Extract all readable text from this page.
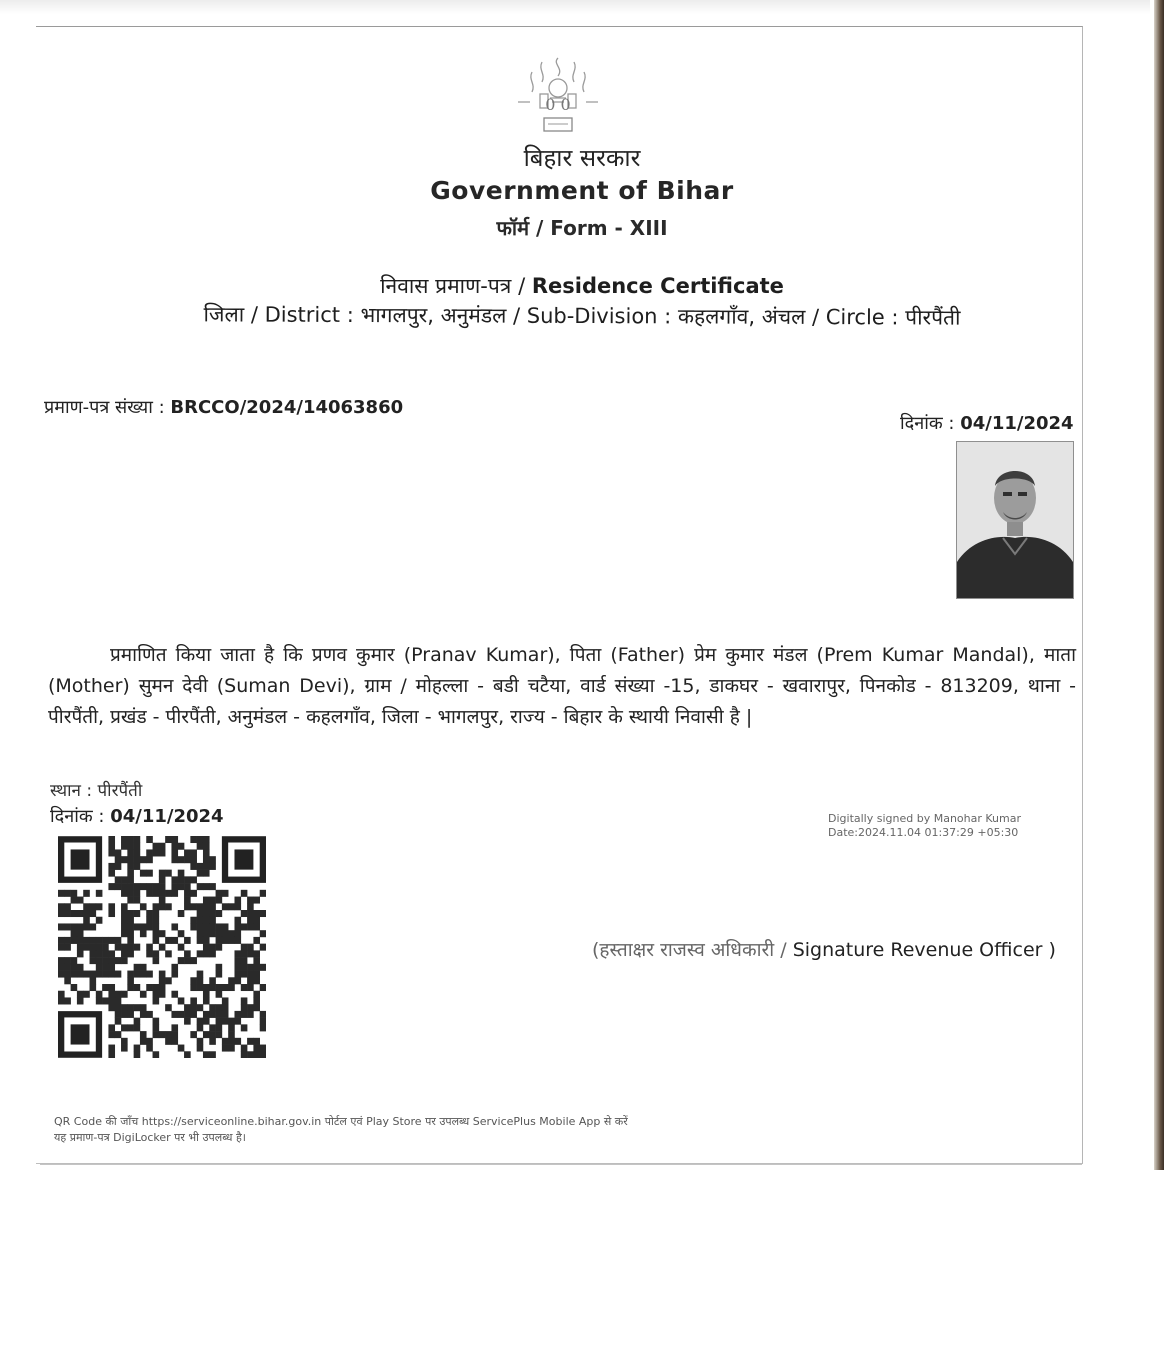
0 0
बिहार सरकार
Government of Bihar
फॉर्म / Form - XIII
निवास प्रमाण-पत्र / Residence Certificate
जिला / District : भागलपुर, अनुमंडल / Sub-Division : कहलगाँव, अंचल / Circle : पीरपैंती
प्रमाण-पत्र संख्या : BRCCO/2024/14063860
दिनांक : 04/11/2024
प्रमाणित किया जाता है कि प्रणव कुमार (Pranav Kumar), पिता (Father) प्रेम कुमार मंडल (Prem Kumar Mandal), माता (Mother) सुमन देवी (Suman Devi), ग्राम / मोहल्ला - बडी चटैया, वार्ड संख्या -15, डाकघर - खवारापुर, पिनकोड - 813209, थाना - पीरपैंती, प्रखंड - पीरपैंती, अनुमंडल - कहलगाँव, जिला - भागलपुर, राज्य - बिहार के स्थायी निवासी है |
स्थान : पीरपैंती
दिनांक : 04/11/2024	Digitally signed by Manohar Kumar
Date:2024.11.04 01:37:29 +05:30
(हस्ताक्षर राजस्व अधिकारी / Signature Revenue Officer )
QR Code की जाँच https://serviceonline.bihar.gov.in पोर्टल एवं Play Store पर उपलब्ध ServicePlus Mobile App से करें
यह प्रमाण-पत्र DigiLocker पर भी उपलब्ध है।
